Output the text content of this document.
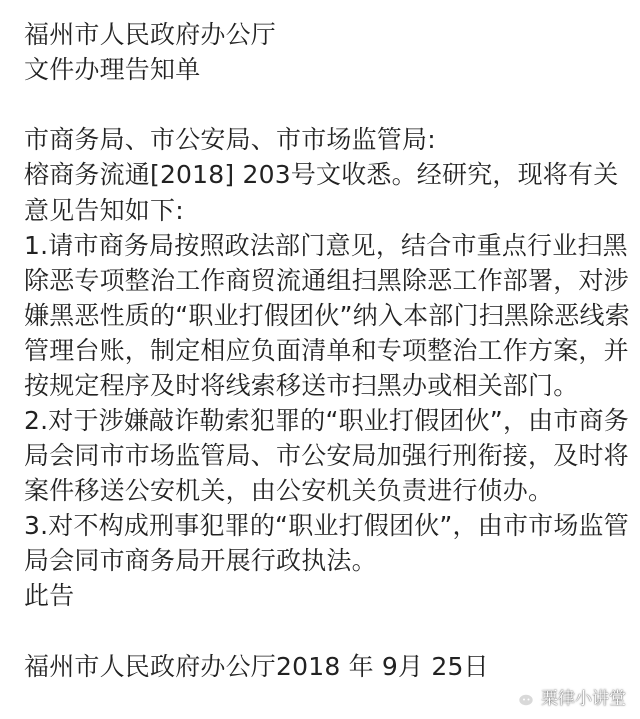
福州市人民政府办公厅
文件办理告知单
市商务局、市公安局、市市场监管局:
榕商务流通[2018] 203号文收悉。经研究，现将有关
意见告知如下:
1.请市商务局按照政法部门意见，结合市重点行业扫黑
除恶专项整治工作商贸流通组扫黑除恶工作部署，对涉
嫌黑恶性质的“职业打假团伙”纳入本部门扫黑除恶线索
管理台账，制定相应负面清单和专项整治工作方案，并
按规定程序及时将线索移送市扫黑办或相关部门。
2.对于涉嫌敲诈勒索犯罪的“职业打假团伙”，由市商务
局会同市市场监管局、市公安局加强行刑衔接，及时将
案件移送公安机关，由公安机关负责进行侦办。
3.对不构成刑事犯罪的“职业打假团伙”，由市市场监管
局会同市商务局开展行政执法。
此告
福州市人民政府办公厅2018 年 9月 25日
栗律小讲堂
